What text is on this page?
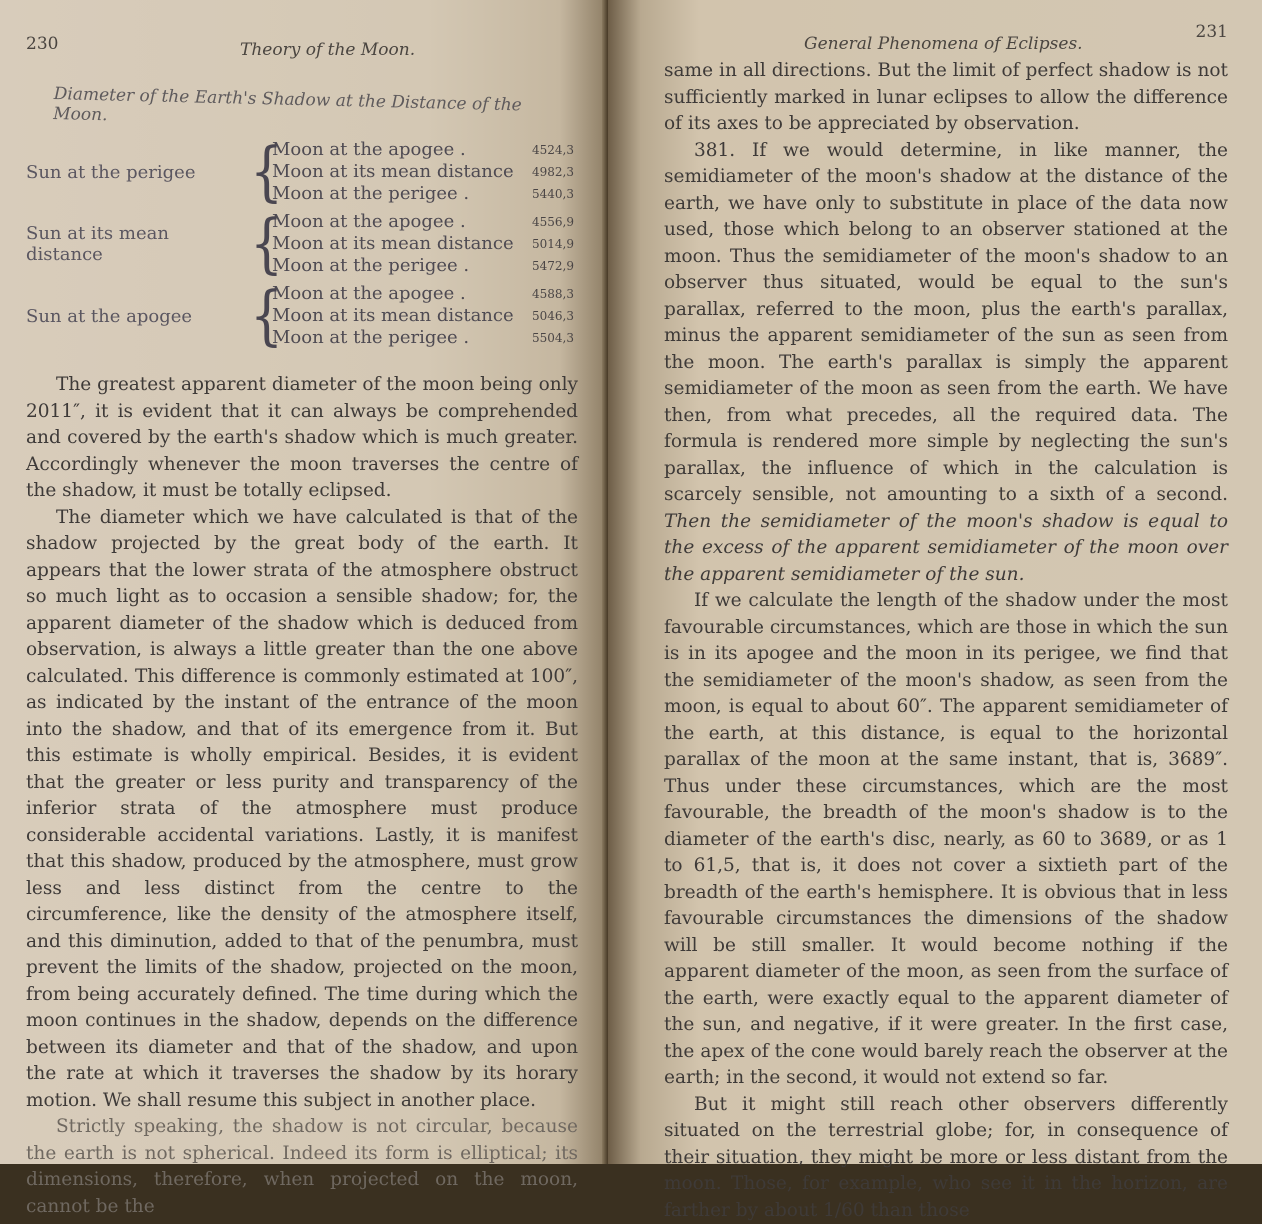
230	Theory of the Moon.
Diameter of the Earth's Shadow at the Distance of the Moon.
Sun at the perigee	{
Moon at the apogee .	4524,3
Moon at its mean distance 4982,3
Moon at the perigee .	5440,3
Sun at its mean distance	{
Moon at the apogee .	4556,9
Moon at its mean distance 5014,9
Moon at the perigee .	5472,9
Sun at the apogee	{
Moon at the apogee .	4588,3
Moon at its mean distance 5046,3
Moon at the perigee .	5504,3

The greatest apparent diameter of the moon being only 2011″, it is evident that it can always be comprehended and covered by the earth's shadow which is much greater. Accordingly whenever the moon traverses the centre of the shadow, it must be totally eclipsed.

The diameter which we have calculated is that of the shadow projected by the great body of the earth. It appears that the lower strata of the atmosphere obstruct so much light as to occasion a sensible shadow; for, the apparent diameter of the shadow which is deduced from observation, is always a little greater than the one above calculated. This difference is commonly estimated at 100″, as indicated by the instant of the entrance of the moon into the shadow, and that of its emergence from it. But this estimate is wholly empirical. Besides, it is evident that the greater or less purity and transparency of the inferior strata of the atmosphere must produce considerable accidental variations. Lastly, it is manifest that this shadow, produced by the atmosphere, must grow less and less distinct from the centre to the circumference, like the density of the atmosphere itself, and this diminution, added to that of the penumbra, must prevent the limits of the shadow, projected on the moon, from being accurately defined. The time during which the moon continues in the shadow, depends on the difference between its diameter and that of the shadow, and upon the rate at which it traverses the shadow by its horary motion. We shall resume this subject in another place.

Strictly speaking, the shadow is not circular, because the earth is not spherical. Indeed its form is elliptical; its dimensions, therefore, when projected on the moon, cannot be the

General Phenomena of Eclipses.
231

same in all directions. But the limit of perfect shadow is not sufficiently marked in lunar eclipses to allow the difference of its axes to be appreciated by observation.

381. If we would determine, in like manner, the semidiameter of the moon's shadow at the distance of the earth, we have only to substitute in place of the data now used, those which belong to an observer stationed at the moon. Thus the semidiameter of the moon's shadow to an observer thus situated, would be equal to the sun's parallax, referred to the moon, plus the earth's parallax, minus the apparent semidiameter of the sun as seen from the moon. The earth's parallax is simply the apparent semidiameter of the moon as seen from the earth. We have then, from what precedes, all the required data. The formula is rendered more simple by neglecting the sun's parallax, the influence of which in the calculation is scarcely sensible, not amounting to a sixth of a second. Then the semidiameter of the moon's shadow is equal to the excess of the apparent semidiameter of the moon over the apparent semidiameter of the sun.

If we calculate the length of the shadow under the most favourable circumstances, which are those in which the sun is in its apogee and the moon in its perigee, we find that the semidiameter of the moon's shadow, as seen from the moon, is equal to about 60″. The apparent semidiameter of the earth, at this distance, is equal to the horizontal parallax of the moon at the same instant, that is, 3689″. Thus under these circumstances, which are the most favourable, the breadth of the moon's shadow is to the diameter of the earth's disc, nearly, as 60 to 3689, or as 1 to 61,5, that is, it does not cover a sixtieth part of the breadth of the earth's hemisphere. It is obvious that in less favourable circumstances the dimensions of the shadow will be still smaller. It would become nothing if the apparent diameter of the moon, as seen from the surface of the earth, were exactly equal to the apparent diameter of the sun, and negative, if it were greater. In the first case, the apex of the cone would barely reach the observer at the earth; in the second, it would not extend so far.

But it might still reach other observers differently situated on the terrestrial globe; for, in consequence of their situation, they might be more or less distant from the moon. Those, for example, who see it in the horizon, are farther by about 1/60 than those
